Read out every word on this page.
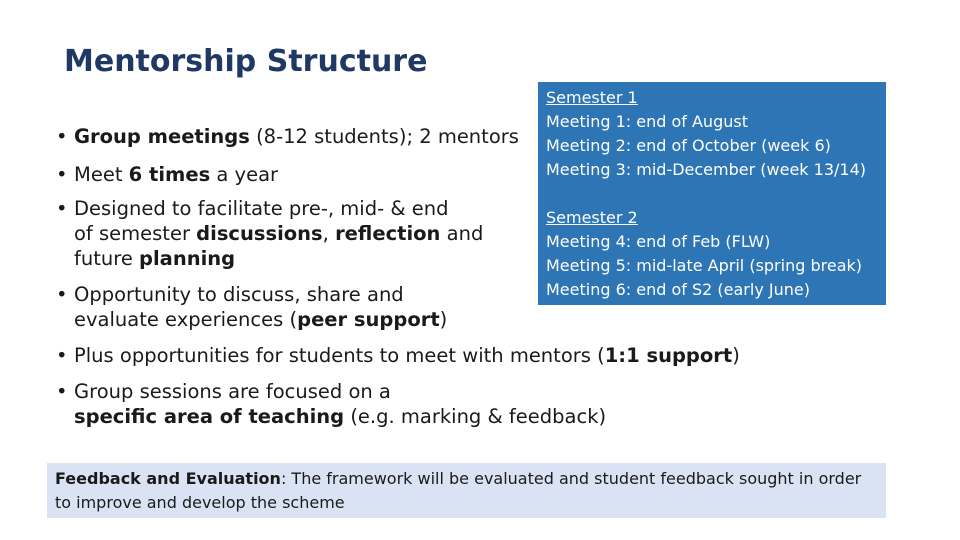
Mentorship Structure
• Group meetings (8-12 students); 2 mentors
• Meet 6 times a year
• Designed to facilitate pre-, mid- & end
of semester discussions, reflection and
future planning
• Opportunity to discuss, share and
evaluate experiences (peer support)
• Plus opportunities for students to meet with mentors (1:1 support)
• Group sessions are focused on a
specific area of teaching (e.g. marking & feedback)
Semester 1
Meeting 1: end of August
Meeting 2: end of October (week 6)
Meeting 3: mid-December (week 13/14)
Semester 2
Meeting 4: end of Feb (FLW)
Meeting 5: mid-late April (spring break)
Meeting 6: end of S2 (early June)
Feedback and Evaluation: The framework will be evaluated and student feedback sought in order to improve and develop the scheme
